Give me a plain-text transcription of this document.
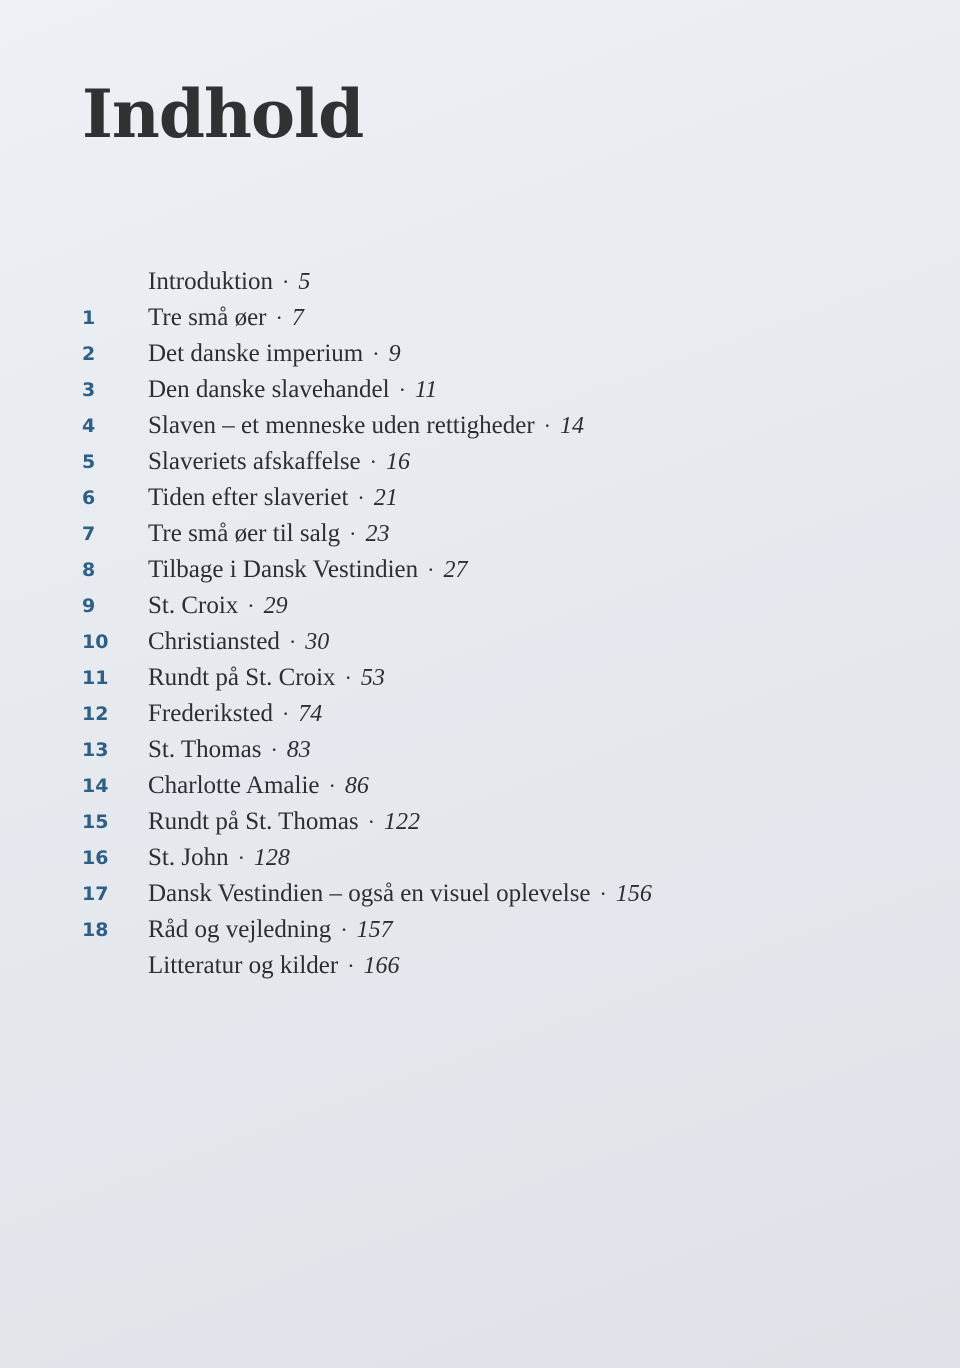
Indhold
Introduktion · 5
1	Tre små øer · 7
2	Det danske imperium · 9
3	Den danske slavehandel · 11
4	Slaven – et menneske uden rettigheder · 14
5	Slaveriets afskaffelse · 16
6	Tiden efter slaveriet · 21
7	Tre små øer til salg · 23
8	Tilbage i Dansk Vestindien · 27
9	St. Croix · 29
10	Christiansted · 30
11	Rundt på St. Croix · 53
12	Frederiksted · 74
13	St. Thomas · 83
14	Charlotte Amalie · 86
15	Rundt på St. Thomas · 122
16	St. John · 128
17	Dansk Vestindien – også en visuel oplevelse · 156
18	Råd og vejledning · 157
Litteratur og kilder · 166
